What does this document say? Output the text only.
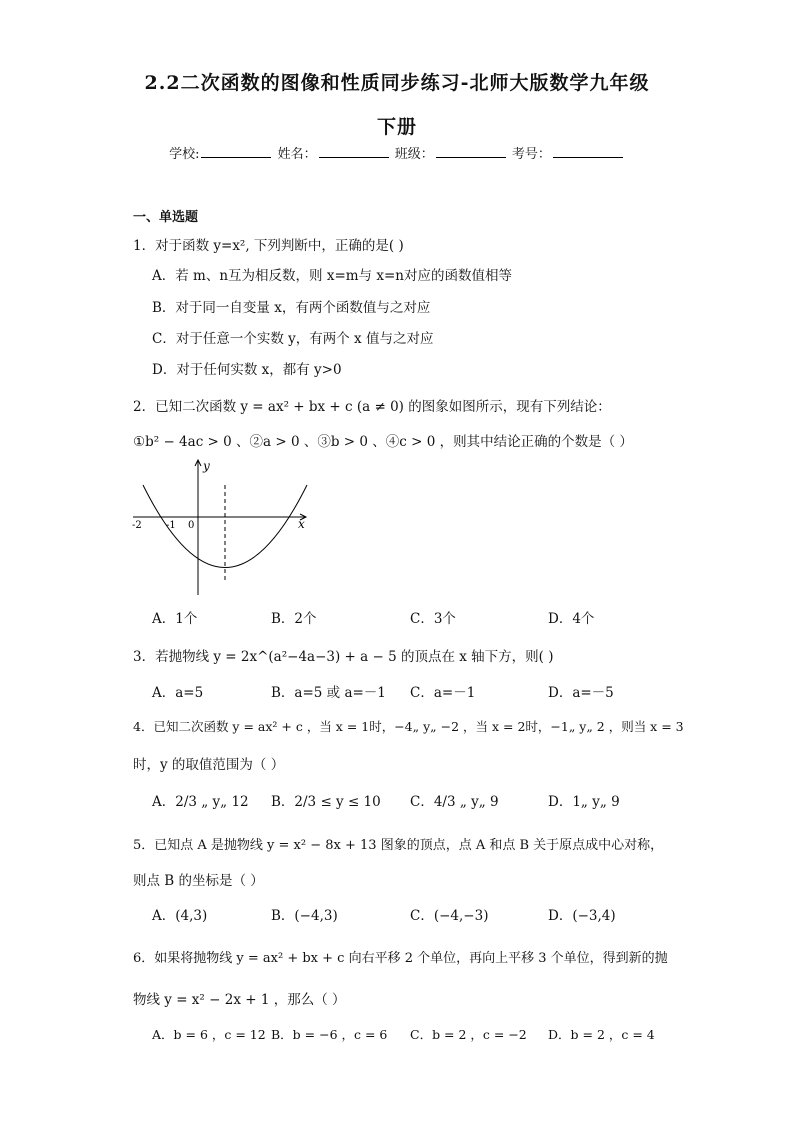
2.2二次函数的图像和性质同步练习-北师大版数学九年级
下册
学校:	姓名：	班级：	考号：
一、单选题
1．对于函数 y=x², 下列判断中，正确的是( )
A．若 m、n互为相反数，则 x=m与 x=n对应的函数值相等
B．对于同一自变量 x，有两个函数值与之对应
C．对于任意一个实数 y，有两个 x 值与之对应
D．对于任何实数 x，都有 y>0
2．已知二次函数 y = ax² + bx + c (a ≠ 0) 的图象如图所示，现有下列结论：
①b² − 4ac > 0 、②a > 0 、③b > 0 、④c > 0 ，则其中结论正确的个数是（ ）
x
y
-2 -1 0
A．1个	B．2个	C．3个	D．4个
3．若抛物线 y = 2x^(a²−4a−3) + a − 5 的顶点在 x 轴下方，则( )
A．a=5	B．a=5 或 a=－1 C．a=－1	D．a=－5
4．已知二次函数 y = ax² + c ，当 x = 1时，−4„ y„ −2 ，当 x = 2时，−1„ y„ 2 ，则当 x = 3
时，y 的取值范围为（ ）
A．2/3 „ y„ 12 B．2/3 ≤ y ≤ 10 C．4/3 „ y„ 9	D．1„ y„ 9
5．已知点 A 是抛物线 y = x² − 8x + 13 图象的顶点，点 A 和点 B 关于原点成中心对称，
则点 B 的坐标是（ ）
A．(4,3)	B．(−4,3)	C．(−4,−3)	D．(−3,4)
6．如果将抛物线 y = ax² + bx + c 向右平移 2 个单位，再向上平移 3 个单位，得到新的抛
物线 y = x² − 2x + 1 ，那么（ ）
A．b = 6 ，c = 12 B．b = −6 ，c = 6 C．b = 2 ，c = −2 D．b = 2 ，c = 4
